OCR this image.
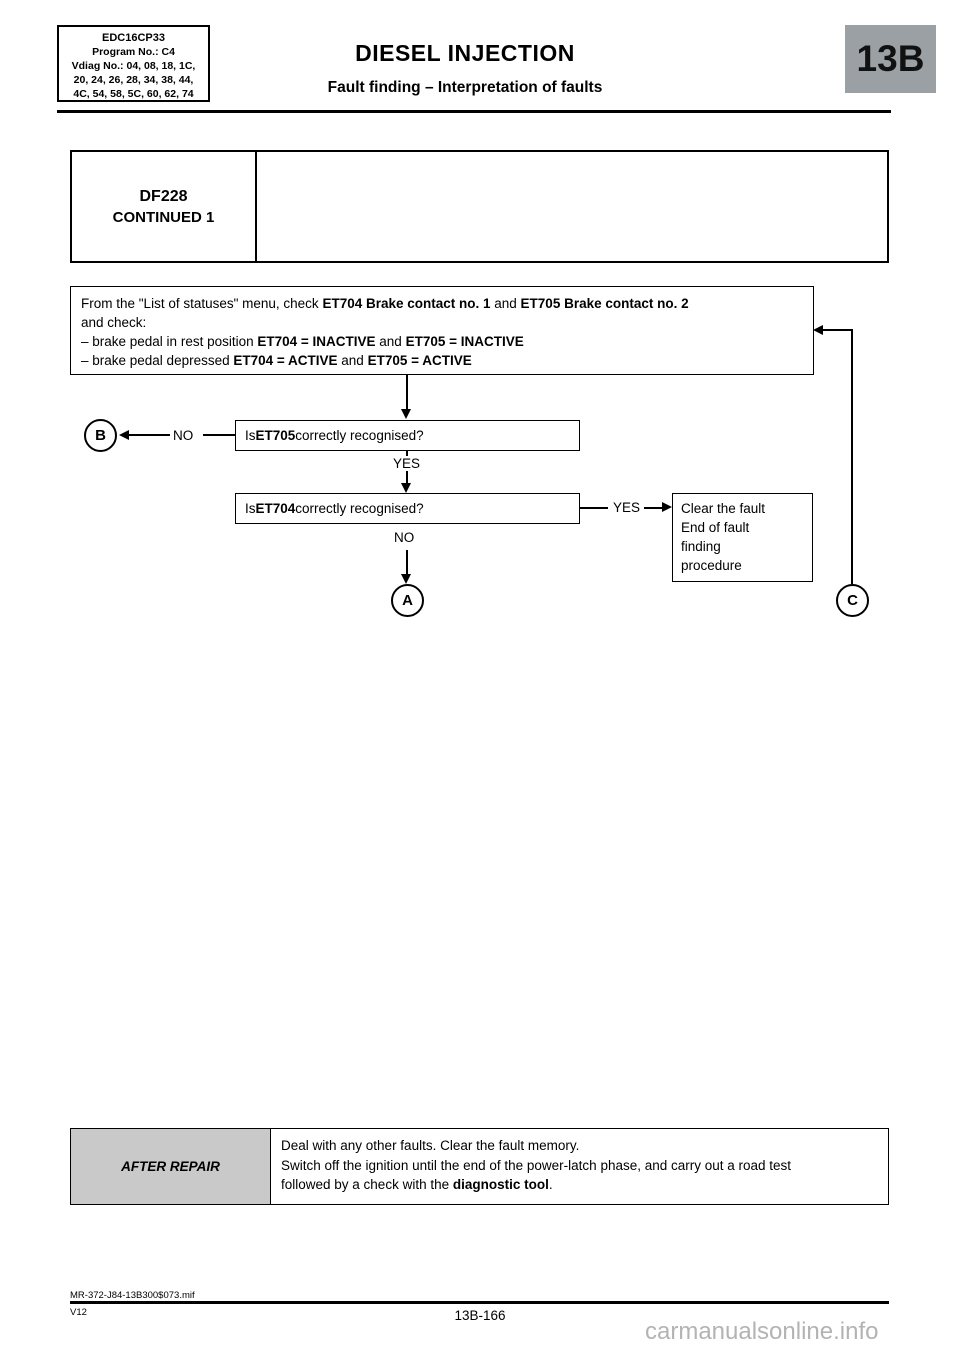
EDC16CP33
Program No.: C4
Vdiag No.: 04, 08, 18, 1C,
20, 24, 26, 28, 34, 38, 44,
4C, 54, 58, 5C, 60, 62, 74
DIESEL INJECTION
Fault finding – Interpretation of faults
13B
DF228
CONTINUED 1
From the "List of statuses" menu, check ET704 Brake contact no. 1 and ET705 Brake contact no. 2
and check:
– brake pedal in rest position ET704 = INACTIVE and ET705 = INACTIVE
– brake pedal depressed ET704 = ACTIVE and ET705 = ACTIVE
Is ET705 correctly recognised?
B	NO
YES
Is ET704 correctly recognised?	YES	Clear the fault
End of fault
finding
procedure
NO
A	C
AFTER REPAIR
Deal with any other faults. Clear the fault memory.
Switch off the ignition until the end of the power-latch phase, and carry out a road test
followed by a check with the diagnostic tool.
MR-372-J84-13B300$073.mif
V12	13B-166
carmanualsonline.info
